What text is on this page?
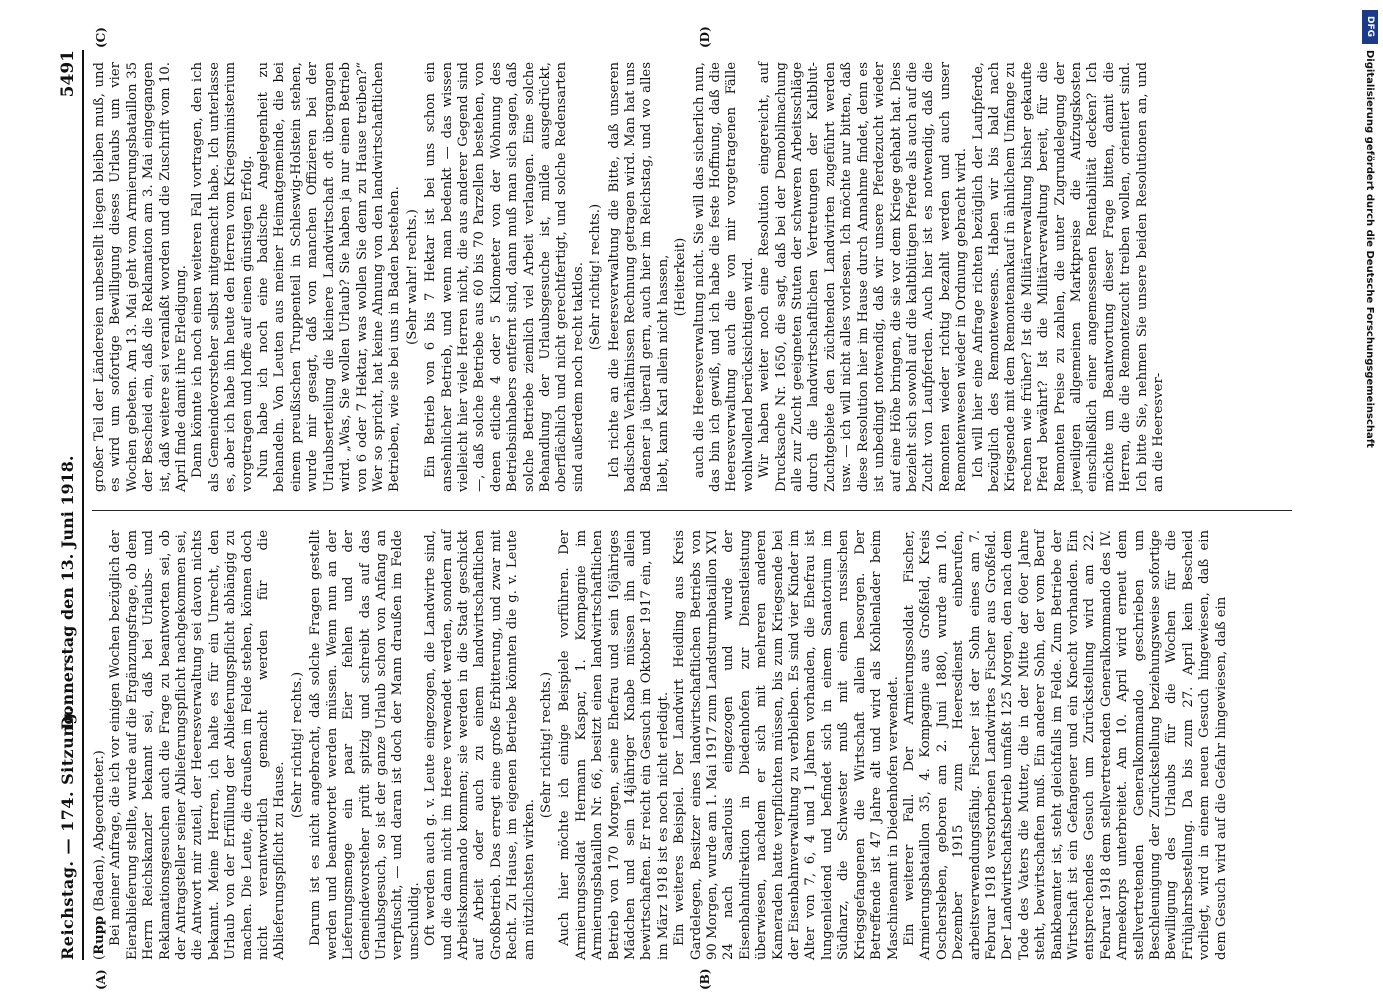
Reichstag. — 174. Sitzung.
Donnerstag den 13. Juni 1918.
5491

(Rupp (Baden), Abgeordneter.) Bei meiner Anfrage, die ich vor einigen Wochen bezüglich der Eierablieferung stellte, wurde auf die Ergänzungsfrage, ob dem Herrn Reichskanzler bekannt sei, daß bei Urlaubs- und Reklamationsgesuchen auch die Frage zu beantworten sei, ob der Antragsteller seiner Ablieferungspflicht nachgekommen sei, die Antwort mir zuteil, der Heeresverwaltung sei davon nichts bekannt. Meine Herren, ich halte es für ein Unrecht, den Urlaub von der Erfüllung der Ablieferungspflicht abhängig zu machen. Die Leute, die draußen im Felde stehen, können doch nicht verantwortlich gemacht werden für die Ablieferungspflicht zu Hause.

(Sehr richtig! rechts.) Darum ist es nicht angebracht, daß solche Fragen gestellt werden und beantwortet werden müssen. Wenn nun an der Lieferungsmenge ein paar Eier fehlen und der Gemeindevorsteher prüft spitzig und schreibt das auf das Urlaubsgesuch, so ist der ganze Urlaub schon von Anfang an verpfuscht, — und daran ist doch der Mann draußen im Felde unschuldig. Oft werden auch g. v. Leute eingezogen, die Landwirte sind, und die dann nicht im Heere verwendet werden, sondern auf Arbeitskommando kommen; sie werden in die Stadt geschickt auf Arbeit oder auch zu einem landwirtschaftlichen Großbetrieb. Das erregt eine große Erbitterung, und zwar mit Recht. Zu Hause, im eigenen Betriebe könnten die g. v. Leute am nützlichsten wirken.

(Sehr richtig! rechts.) Auch hier möchte ich einige Beispiele vorführen. Der Armierungssoldat Hermann Kaspar, 1. Kompagnie im Armierungsbataillon Nr. 66, besitzt einen landwirtschaftlichen Betrieb von 170 Morgen, seine Ehefrau und sein 16jähriges Mädchen und sein 14jähriger Knabe müssen ihn allein bewirtschaften. Er reicht ein Gesuch im Oktober 1917 ein, und im März 1918 ist es noch nicht erledigt. Ein weiteres Beispiel. Der Landwirt Heidling aus Kreis Gardelegen, Besitzer eines landwirtschaftlichen Betriebs von 90 Morgen, wurde am 1. Mai 1917 zum Landsturmbataillon XVI 24 nach Saarlouis eingezogen und wurde der Eisenbahndirektion in Diedenhofen zur Dienstleistung überwiesen, nachdem er sich mit mehreren anderen Kameraden hatte verpflichten müssen, bis zum Kriegsende bei der Eisenbahnverwaltung zu verbleiben. Es sind vier Kinder im Alter von 7, 6, 4 und 1 Jahren vorhanden, die Ehefrau ist lungenleidend und befindet sich in einem Sanatorium im Südharz, die Schwester muß mit einem russischen Kriegsgefangenen die Wirtschaft allein besorgen. Der Betreffende ist 47 Jahre alt und wird als Kohlenlader beim Maschinenamt in Diedenhofen verwendet. Ein weiterer Fall. Der Armierungssoldat Fischer, Armierungsbataillon 35, 4. Kompagnie aus Großfeld, Kreis Oschersleben, geboren am 2. Juni 1880, wurde am 10. Dezember 1915 zum Heeresdienst einberufen, arbeitsverwendungsfähig. Fischer ist der Sohn eines am 7. Februar 1918 verstorbenen Landwirtes Fischer aus Großfeld. Der Landwirtschaftsbetrieb umfaßt 125 Morgen, den nach dem Tode des Vaters die Mutter, die in der Mitte der 60er Jahre steht, bewirtschaften muß. Ein anderer Sohn, der vom Beruf Bankbeamter ist, steht gleichfalls im Felde. Zum Betriebe der Wirtschaft ist ein Gefangener und ein Knecht vorhanden. Ein entsprechendes Gesuch um Zurückstellung wird am 22. Februar 1918 dem stellvertretenden Generalkommando des IV. Armeekorps unterbreitet. Am 10. April wird erneut dem stellvertretenden Generalkommando geschrieben um Beschleunigung der Zurückstellung beziehungsweise sofortige Bewilligung des Urlaubs für die Wochen für die Frühjahrsbestellung. Da bis zum 27. April kein Bescheid vorliegt, wird in einem neuen Gesuch hingewiesen, daß ein dem Gesuch wird auf die Gefahr hingewiesen, daß ein

großer Teil der Ländereien unbestellt liegen bleiben muß, und es wird um sofortige Bewilligung dieses Urlaubs um vier Wochen gebeten. Am 13. Mai geht vom Armierungsbataillon 35 der Bescheid ein, daß die Reklamation am 3. Mai eingegangen ist, daß weitere sei veranlaßt worden und die Zuschrift vom 10. April finde damit ihre Erledigung. Dann könnte ich noch einen weiteren Fall vortragen, den ich als Gemeindevorsteher selbst mitgemacht habe. Ich unterlasse es, aber ich habe ihn heute den Herren vom Kriegsministerium vorgetragen und hoffe auf einen günstigen Erfolg. Nun habe ich noch eine badische Angelegenheit zu behandeln. Von Leuten aus meiner Heimatgemeinde, die bei einem preußischen Truppenteil in Schleswig-Holstein stehen, wurde mir gesagt, daß von manchen Offizieren bei der Urlaubserteilung die kleinere Landwirtschaft oft übergangen wird. „Was, Sie wollen Urlaub? Sie haben ja nur einen Betrieb von 6 oder 7 Hektar, was wollen Sie denn zu Hause treiben?“ Wer so spricht, hat keine Ahnung von den landwirtschaftlichen Betrieben, wie sie bei uns in Baden bestehen. (Sehr wahr! rechts.) Ein Betrieb von 6 bis 7 Hektar ist bei uns schon ein ansehnlicher Betrieb, und wenn man bedenkt — das wissen vielleicht hier viele Herren nicht, die aus anderer Gegend sind —, daß solche Betriebe aus 60 bis 70 Parzellen bestehen, von denen etliche 4 oder 5 Kilometer von der Wohnung des Betriebsinhabers entfernt sind, dann muß man sich sagen, daß solche Betriebe ziemlich viel Arbeit verlangen. Eine solche Behandlung der Urlaubsgesuche ist, milde ausgedrückt, oberflächlich und nicht gerechtfertigt, und solche Redensarten sind außerdem noch recht taktlos. (Sehr richtig! rechts.) Ich richte an die Heeresverwaltung die Bitte, daß unseren badischen Verhältnissen Rechnung getragen wird. Man hat uns Badener ja überall gern, auch hier im Reichstag, und wo alles liebt, kann Karl allein nicht hassen, (Heiterkeit) auch die Heeresverwaltung nicht. Sie will das sicherlich nun, das bin ich gewiß, und ich habe die feste Hoffnung, daß die Heeresverwaltung auch die von mir vorgetragenen Fälle wohlwollend berücksichtigen wird. Wir haben weiter noch eine Resolution eingereicht, auf Drucksache Nr. 1650, die sagt, daß bei der Demobilmachung alle zur Zucht geeigneten Stuten der schweren Arbeitsschläge durch die landwirtschaftlichen Vertretungen der Kaltblut-Zuchtgebiete den züchtenden Landwirten zugeführt werden usw. — ich will nicht alles vorlesen. Ich möchte nur bitten, daß diese Resolution hier im Hause durch Annahme findet, denn es ist unbedingt notwendig, daß wir unsere Pferdezucht wieder auf eine Höhe bringen, die sie vor dem Kriege gehabt hat. Dies bezieht sich sowohl auf die kaltblütigen Pferde als auch auf die Zucht von Laufpferden. Auch hier ist es notwendig, daß die Remonten wieder richtig bezahlt werden und auch unser Remontenwesen wieder in Ordnung gebracht wird. Ich will hier eine Anfrage richten bezüglich der Laufpferde, bezüglich des Remontewesens. Haben wir bis bald nach Kriegsende mit dem Remontenankauf in ähnlichem Umfange zu rechnen wie früher? Ist die Militärverwaltung bisher gekaufte Pferd bewährt? Ist die Militärverwaltung bereit, für die Remonten Preise zu zahlen, die unter Zugrundelegung der jeweiligen allgemeinen Marktpreise die Aufzugskosten einschließlich einer angemessenen Rentabilität decken? Ich möchte um Beantwortung dieser Frage bitten, damit die Herren, die die Remontezucht treiben wollen, orientiert sind. Ich bitte Sie, nehmen Sie unsere beiden Resolutionen an, und an die Heeresver-

(A)	(B)
(C)	(D)	DFG
Digitalisierung gefördert durch die Deutsche Forschungsgemeinschaft
